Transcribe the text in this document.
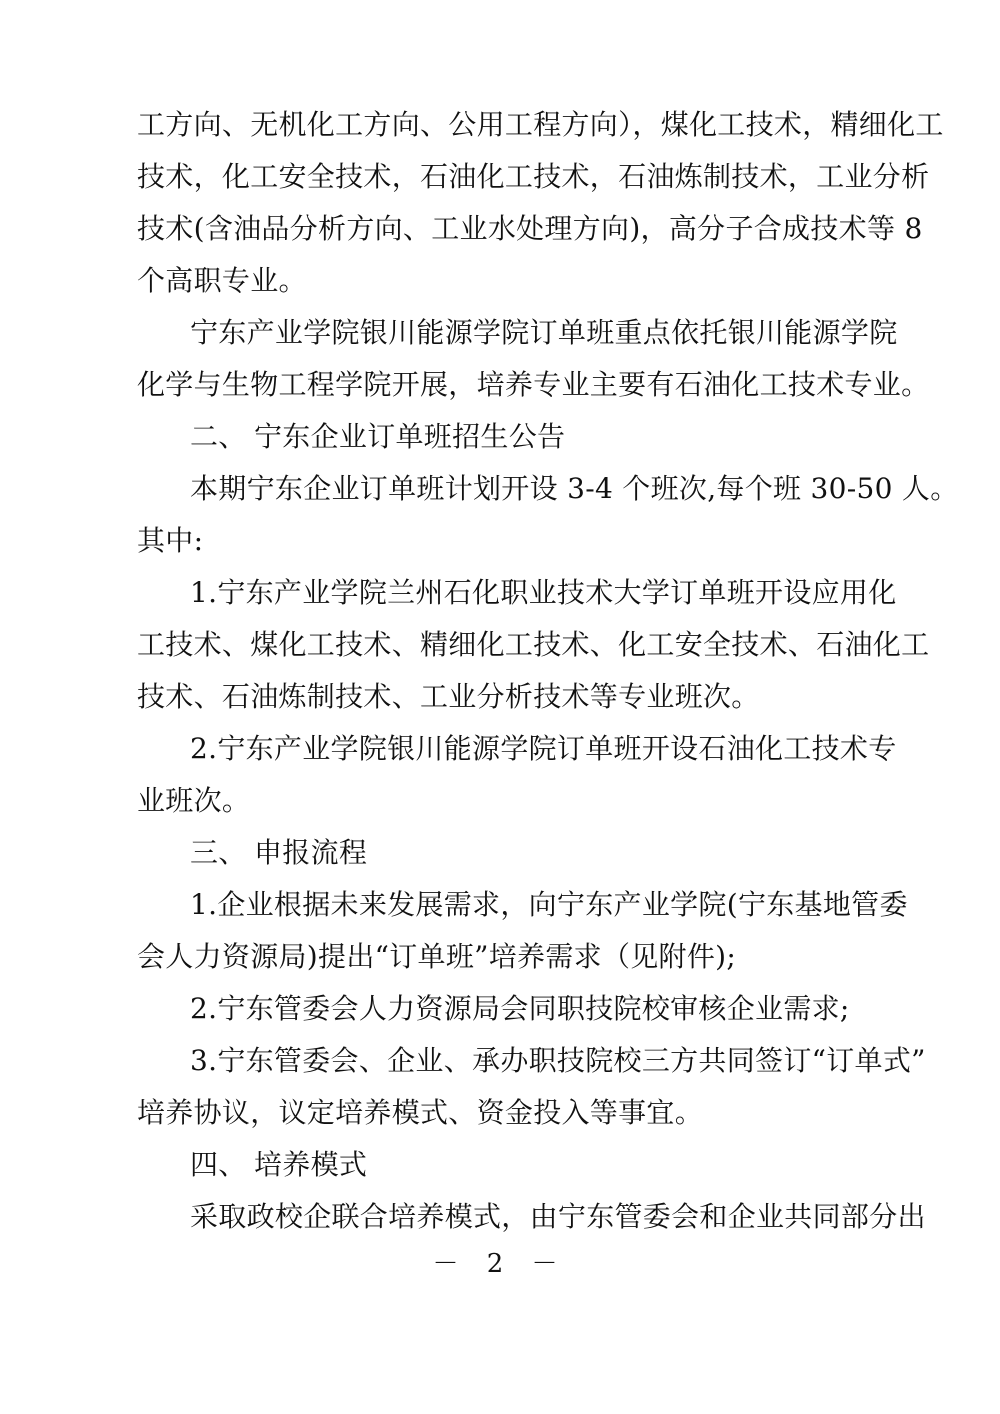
工方向、无机化工方向、公用工程方向），煤化工技术，精细化工
技术，化工安全技术，石油化工技术，石油炼制技术，工业分析
技术(含油品分析方向、工业水处理方向)，高分子合成技术等 8
个高职专业。
宁东产业学院银川能源学院订单班重点依托银川能源学院
化学与生物工程学院开展，培养专业主要有石油化工技术专业。
二、 宁东企业订单班招生公告
本期宁东企业订单班计划开设 3-4 个班次,每个班 30-50 人。
其中:
1.宁东产业学院兰州石化职业技术大学订单班开设应用化
工技术、煤化工技术、精细化工技术、化工安全技术、石油化工
技术、石油炼制技术、工业分析技术等专业班次。
2.宁东产业学院银川能源学院订单班开设石油化工技术专
业班次。
三、 申报流程
1.企业根据未来发展需求，向宁东产业学院(宁东基地管委
会人力资源局)提出“订单班”培养需求（见附件);
2.宁东管委会人力资源局会同职技院校审核企业需求;
3.宁东管委会、企业、承办职技院校三方共同签订“订单式”
培养协议，议定培养模式、资金投入等事宜。
四、 培养模式
采取政校企联合培养模式，由宁东管委会和企业共同部分出
－ 2 －
